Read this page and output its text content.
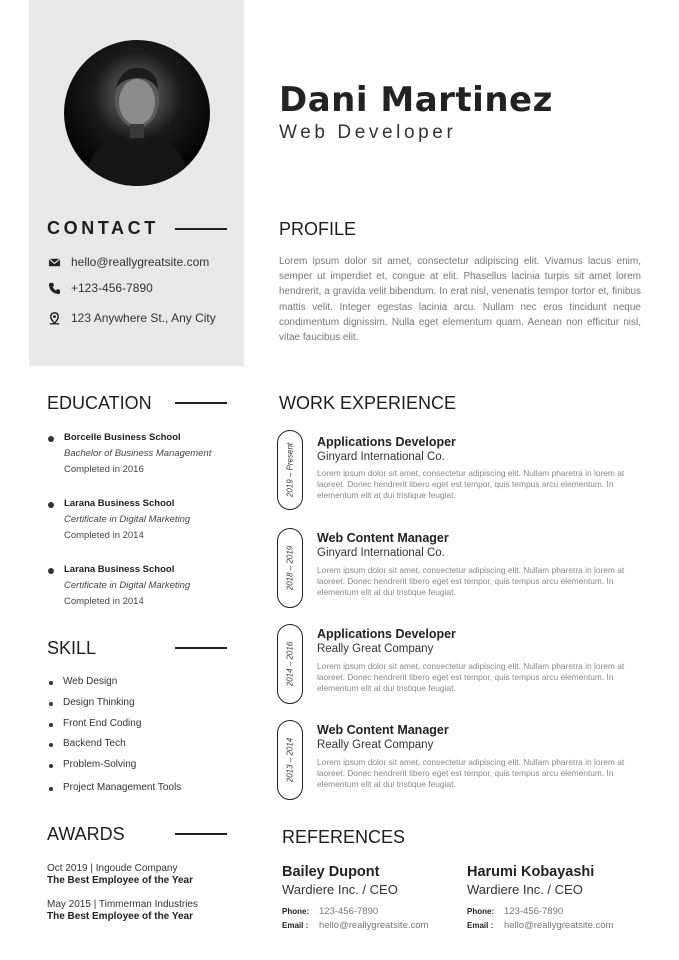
Dani Martinez
Web Developer
CONTACT
hello@reallygreatsite.com
+123-456-7890
123 Anywhere St., Any City
PROFILE
Lorem ipsum dolor sit amet, consectetur adipiscing elit. Vivamus lacus enim, semper ut imperdiet et, congue at elit. Phasellus lacinia turpis sit amet lorem hendrerit, a gravida velit bibendum. In erat nisl, venenatis tempor tortor et, finibus mattis velit. Integer egestas lacinia arcu. Nullam nec eros tincidunt neque condimentum dignissim. Nulla eget elementum quam. Aenean non efficitur nisl, vitae faucibus elit.
EDUCATION
Borcelle Business School
Bachelor of Business Management
Completed in 2016
Larana Business School
Certificate in Digital Marketing
Completed in 2014
Larana Business School
Certificate in Digital Marketing
Completed in 2014
SKILL
Web Design
Design Thinking
Front End Coding
Backend Tech
Problem-Solving
Project Management Tools
AWARDS
Oct 2019 | Ingoude Company
The Best Employee of the Year
May 2015 | Timmerman Industries
The Best Employee of the Year
WORK EXPERIENCE
2019 – Present
Applications Developer
Ginyard International Co.
Lorem ipsum dolor sit amet, consectetur adipiscing elit. Nullam pharetra in lorem at laoreet. Donec hendrerit libero eget est tempor, quis tempus arcu elementum. In elementum elit at dui tristique feugiat.
2018 – 2019
Web Content Manager
Ginyard International Co.
Lorem ipsum dolor sit amet, consectetur adipiscing elit. Nullam pharetra in lorem at laoreet. Donec hendrerit libero eget est tempor, quis tempus arcu elementum. In elementum elit at dui tristique feugiat.
2014 – 2016
Applications Developer
Really Great Company
Lorem ipsum dolor sit amet, consectetur adipiscing elit. Nullam pharetra in lorem at laoreet. Donec hendrerit libero eget est tempor, quis tempus arcu elementum. In elementum elit at dui tristique feugiat.
2013 – 2014
Web Content Manager
Really Great Company
Lorem ipsum dolor sit amet, consectetur adipiscing elit. Nullam pharetra in lorem at laoreet. Donec hendrerit libero eget est tempor, quis tempus arcu elementum. In elementum elit at dui tristique feugiat.
REFERENCES
Bailey Dupont
Wardiere Inc. / CEO
Phone: 123-456-7890
Email : hello@reallygreatsite.com
Harumi Kobayashi
Wardiere Inc. / CEO
Phone: 123-456-7890
Email : hello@reallygreatsite.com
